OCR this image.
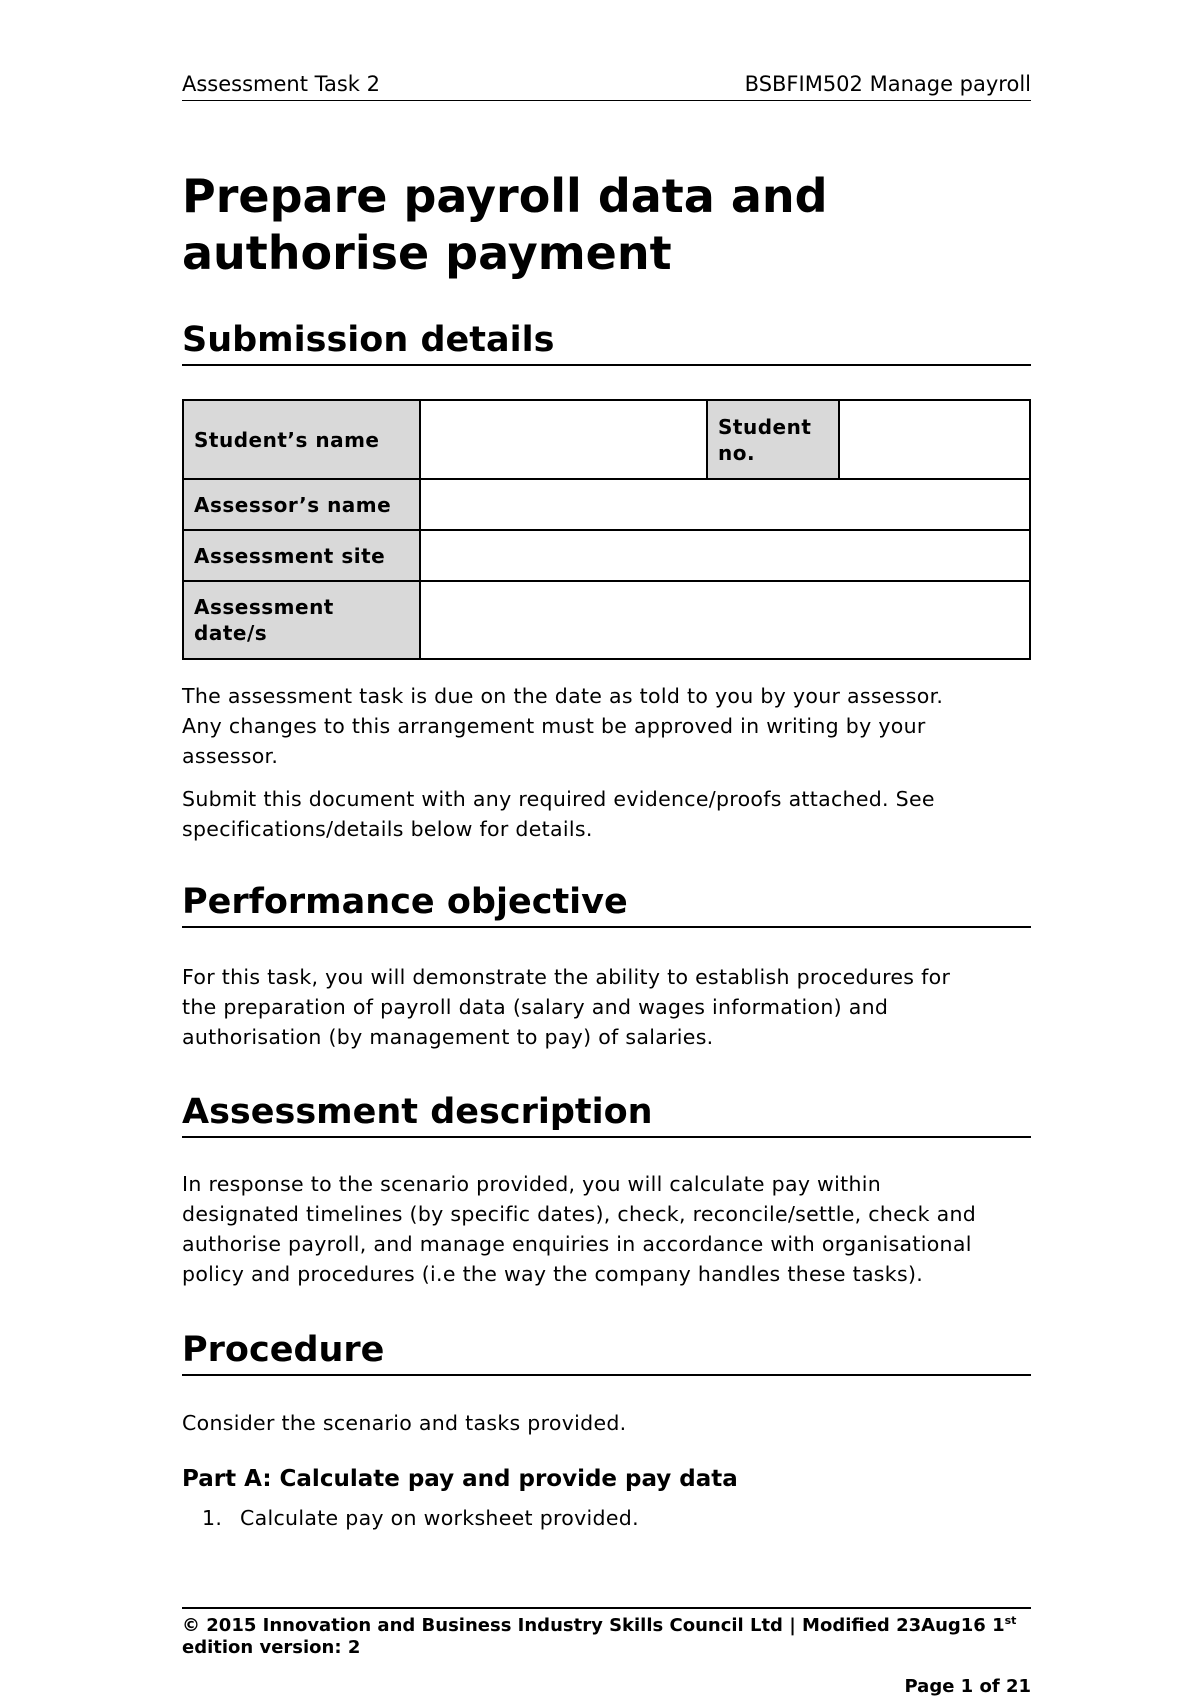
Assessment Task 2	BSBFIM502 Manage payroll
Prepare payroll data and
authorise payment
Submission details
Student’s name		Student
no.	

Assessor’s name			
Assessment site			

Assessment
date/s			

The assessment task is due on the date as told to you by your assessor.
Any changes to this arrangement must be approved in writing by your
assessor.

Submit this document with any required evidence/proofs attached. See
specifications/details below for details.

Performance objective

For this task, you will demonstrate the ability to establish procedures for
the preparation of payroll data (salary and wages information) and
authorisation (by management to pay) of salaries.

Assessment description

In response to the scenario provided, you will calculate pay within
designated timelines (by specific dates), check, reconcile/settle, check and
authorise payroll, and manage enquiries in accordance with organisational
policy and procedures (i.e the way the company handles these tasks).

Procedure

Consider the scenario and tasks provided.

Part A: Calculate pay and provide pay data
1. Calculate pay on worksheet provided.
© 2015 Innovation and Business Industry Skills Council Ltd | Modified 23Aug16 1st
edition version: 2
Page 1 of 21
